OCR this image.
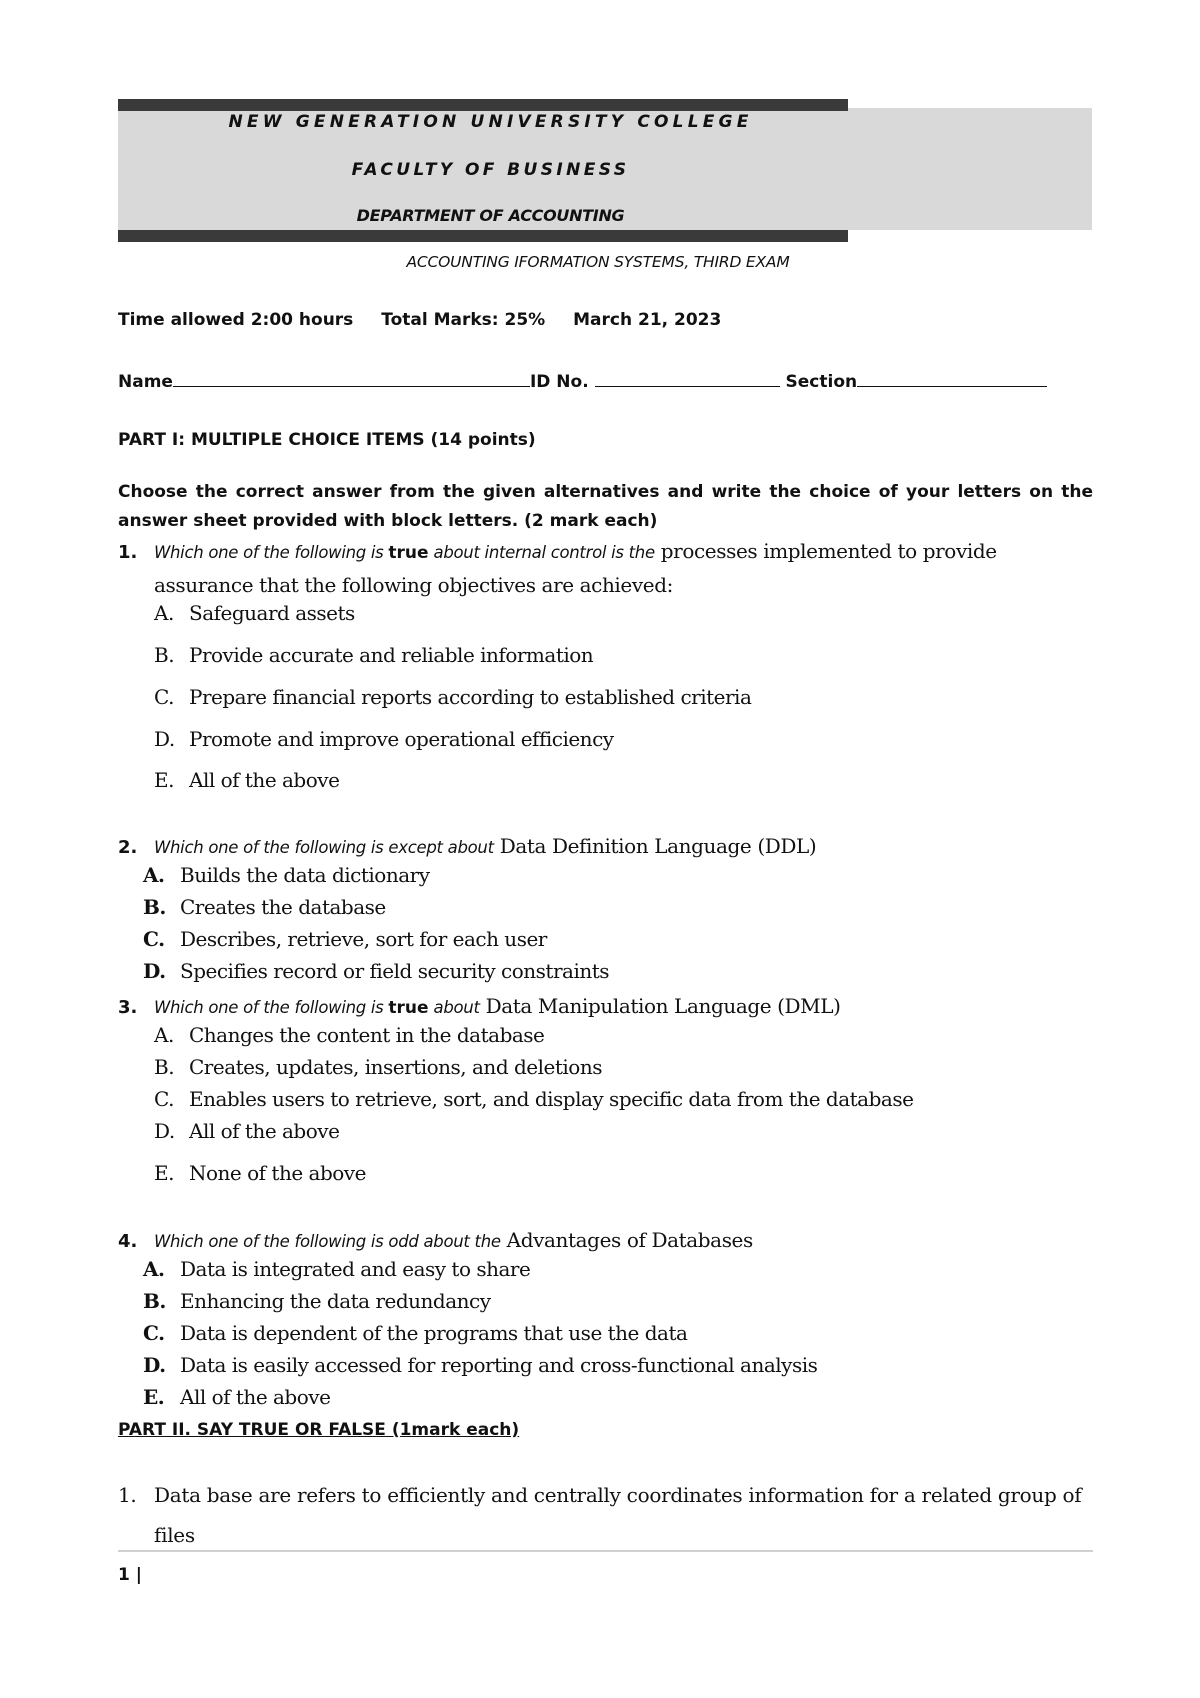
NEW GENERATION UNIVERSITY COLLEGE
FACULTY OF BUSINESS
DEPARTMENT OF ACCOUNTING
ACCOUNTING IFORMATION SYSTEMS, THIRD EXAM
Time allowed 2:00 hours Total Marks: 25% March 21, 2023
Name	ID No.	Section
PART I: MULTIPLE CHOICE ITEMS (14 points)
Choose the correct answer from the given alternatives and write the choice of your letters on the answer sheet provided with block letters. (2 mark each)
1. Which one of the following is true about internal control is the processes implemented to provide
assurance that the following objectives are achieved:
A. Safeguard assets
B. Provide accurate and reliable information
C. Prepare financial reports according to established criteria
D. Promote and improve operational efficiency
E. All of the above
2. Which one of the following is except about Data Definition Language (DDL)
A. Builds the data dictionary
B. Creates the database
C. Describes, retrieve, sort for each user
D. Specifies record or field security constraints
3. Which one of the following is true about Data Manipulation Language (DML)
A. Changes the content in the database
B. Creates, updates, insertions, and deletions
C. Enables users to retrieve, sort, and display specific data from the database
D. All of the above
E. None of the above
4. Which one of the following is odd about the Advantages of Databases
A. Data is integrated and easy to share
B. Enhancing the data redundancy
C. Data is dependent of the programs that use the data
D. Data is easily accessed for reporting and cross-functional analysis
E. All of the above
PART II. SAY TRUE OR FALSE (1mark each)
1. Data base are refers to efficiently and centrally coordinates information for a related group of
files
1 |
